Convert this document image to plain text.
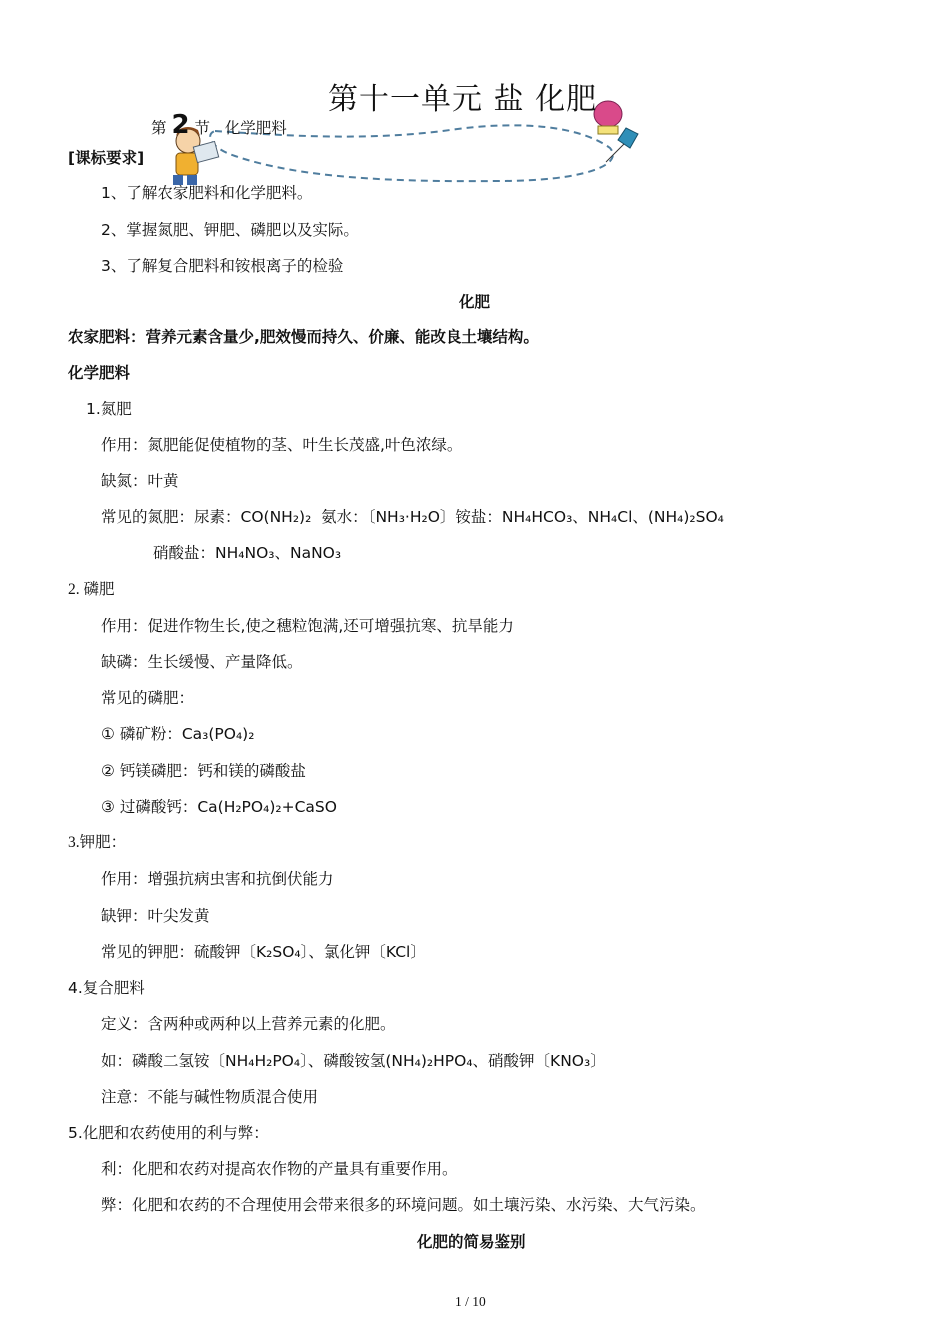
第十一单元 盐 化肥
第 2 节 化学肥料
[课标要求]
1、了解农家肥料和化学肥料。
2、掌握氮肥、钾肥、磷肥以及实际。
3、了解复合肥料和铵根离子的检验
化肥
农家肥料：营养元素含量少,肥效慢而持久、价廉、能改良土壤结构。
化学肥料
1.氮肥
作用：氮肥能促使植物的茎、叶生长茂盛,叶色浓绿。
缺氮：叶黄
常见的氮肥：尿素：CO(NH₂)₂ 氨水：〔NH₃·H₂O〕铵盐：NH₄HCO₃、NH₄Cl、(NH₄)₂SO₄
硝酸盐：NH₄NO₃、NaNO₃
2. 磷肥
作用：促进作物生长,使之穗粒饱满,还可增强抗寒、抗旱能力
缺磷：生长缓慢、产量降低。
常见的磷肥：
① 磷矿粉：Ca₃(PO₄)₂
② 钙镁磷肥：钙和镁的磷酸盐
③ 过磷酸钙：Ca(H₂PO₄)₂+CaSO
3.钾肥：
作用：增强抗病虫害和抗倒伏能力
缺钾：叶尖发黄
常见的钾肥：硫酸钾〔K₂SO₄〕、氯化钾〔KCl〕
4.复合肥料
定义：含两种或两种以上营养元素的化肥。
如：磷酸二氢铵〔NH₄H₂PO₄〕、磷酸铵氢(NH₄)₂HPO₄、硝酸钾〔KNO₃〕
注意：不能与碱性物质混合使用
5.化肥和农药使用的利与弊：
利：化肥和农药对提高农作物的产量具有重要作用。
弊：化肥和农药的不合理使用会带来很多的环境问题。如土壤污染、水污染、大气污染。
化肥的简易鉴别
1 / 10
